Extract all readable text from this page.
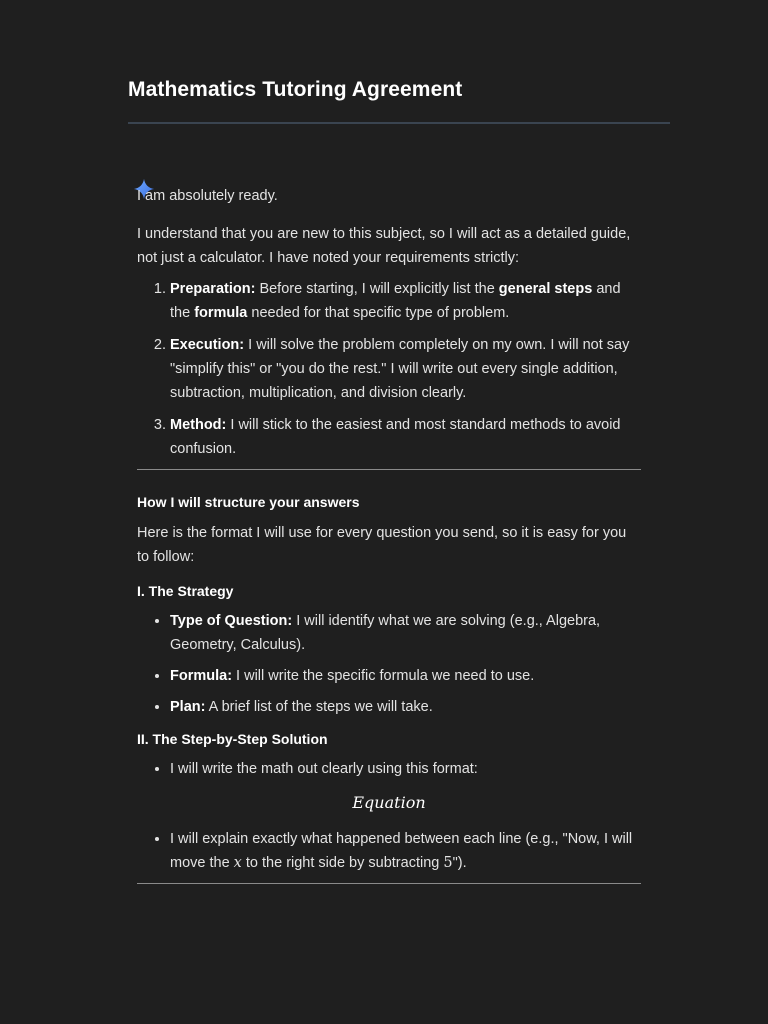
Mathematics Tutoring Agreement

I am absolutely ready.

I understand that you are new to this subject, so I will act as a detailed guide, not just a calculator. I have noted your requirements strictly:

1. Preparation: Before starting, I will explicitly list the general steps and the formula needed for that specific type of problem.
2. Execution: I will solve the problem completely on my own. I will not say "simplify this" or "you do the rest." I will write out every single addition, subtraction, multiplication, and division clearly.
3. Method: I will stick to the easiest and most standard methods to avoid confusion.

How I will structure your answers

Here is the format I will use for every question you send, so it is easy for you to follow:

I. The Strategy

• Type of Question: I will identify what we are solving (e.g., Algebra, Geometry, Calculus).
• Formula: I will write the specific formula we need to use.
• Plan: A brief list of the steps we will take.

II. The Step-by-Step Solution

• I will write the math out clearly using this format:
Equation
• I will explain exactly what happened between each line (e.g., "Now, I will move the x to the right side by subtracting 5").
